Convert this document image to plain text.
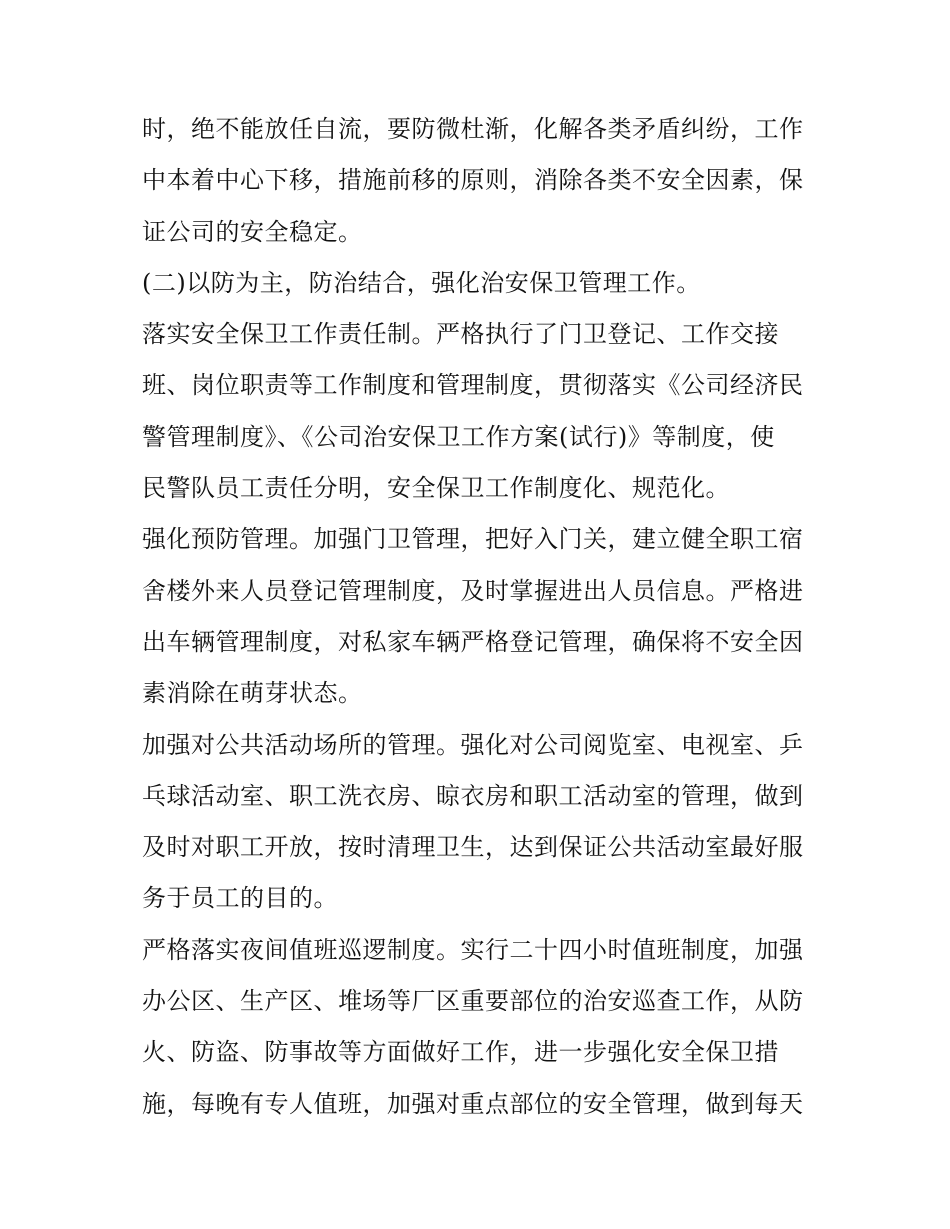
时，绝不能放任自流，要防微杜渐，化解各类矛盾纠纷，工作
中本着中心下移，措施前移的原则，消除各类不安全因素，保
证公司的安全稳定。
(二)以防为主，防治结合，强化治安保卫管理工作。
落实安全保卫工作责任制。严格执行了门卫登记、工作交接
班、岗位职责等工作制度和管理制度，贯彻落实《公司经济民
警管理制度》、《公司治安保卫工作方案(试行)》等制度，使
民警队员工责任分明，安全保卫工作制度化、规范化。
强化预防管理。加强门卫管理，把好入门关，建立健全职工宿
舍楼外来人员登记管理制度，及时掌握进出人员信息。严格进
出车辆管理制度，对私家车辆严格登记管理，确保将不安全因
素消除在萌芽状态。
加强对公共活动场所的管理。强化对公司阅览室、电视室、乒
乓球活动室、职工洗衣房、晾衣房和职工活动室的管理，做到
及时对职工开放，按时清理卫生，达到保证公共活动室最好服
务于员工的目的。
严格落实夜间值班巡逻制度。实行二十四小时值班制度，加强
办公区、生产区、堆场等厂区重要部位的治安巡查工作，从防
火、防盗、防事故等方面做好工作，进一步强化安全保卫措
施，每晚有专人值班，加强对重点部位的安全管理，做到每天
